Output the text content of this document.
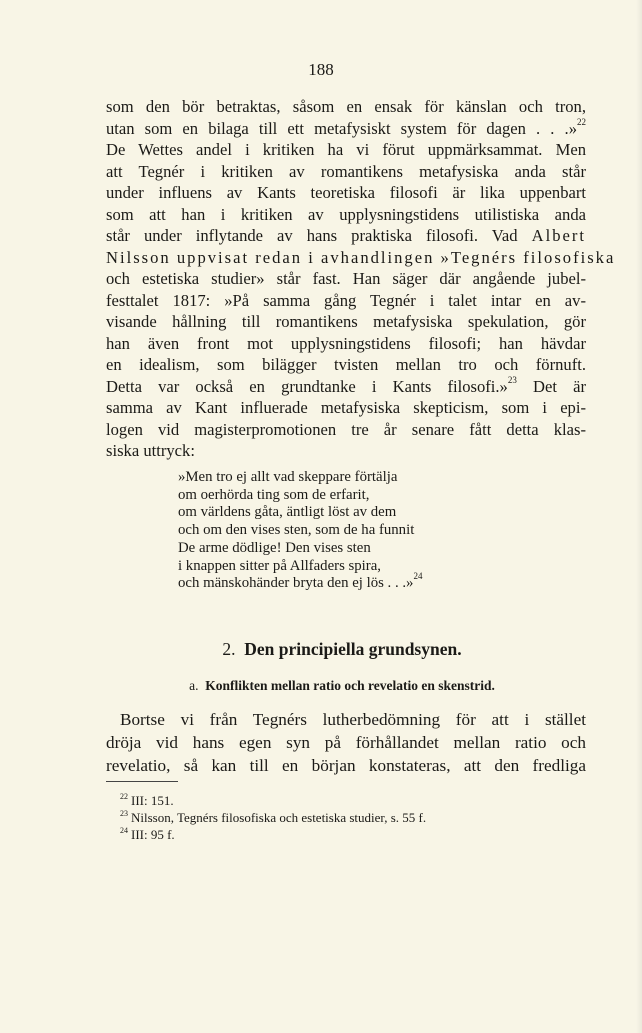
188
som den bör betraktas, såsom en ensak för känslan och tron,
utan som en bilaga till ett metafysiskt system för dagen . . .»$^{22}$
De Wettes andel i kritiken ha vi förut uppmärksammat. Men
att Tegnér i kritiken av romantikens metafysiska anda står
under influens av Kants teoretiska filosofi är lika uppenbart
som att han i kritiken av upplysningstidens utilistiska anda
står under inflytande av hans praktiska filosofi. Vad Albert
Nilsson uppvisat redan i avhandlingen »Tegnérs filosofiska
och estetiska studier» står fast. Han säger där angående jubel-
festtalet 1817: »På samma gång Tegnér i talet intar en av-
visande hållning till romantikens metafysiska spekulation, gör
han även front mot upplysningstidens filosofi; han hävdar
en idealism, som bilägger tvisten mellan tro och förnuft.
Detta var också en grundtanke i Kants filosofi.»$^{23}$ Det är
samma av Kant influerade metafysiska skepticism, som i epi-
logen vid magisterpromotionen tre år senare fått detta klas-
siska uttryck:
»Men tro ej allt vad skeppare förtälja
om oerhörda ting som de erfarit,
om världens gåta, äntligt löst av dem
och om den vises sten, som de ha funnit
De arme dödlige! Den vises sten
i knappen sitter på Allfaders spira,
och mänskohänder bryta den ej lös . . .»$^{24}$
2. Den principiella grundsynen.
a. Konflikten mellan ratio och revelatio en skenstrid.
Bortse vi från Tegnérs lutherbedömning för att i stället
dröja vid hans egen syn på förhållandet mellan ratio och
revelatio, så kan till en början konstateras, att den fredliga
$^{22}$ III: 151.
$^{23}$ Nilsson, Tegnérs filosofiska och estetiska studier, s. 55 f.
$^{24}$ III: 95 f.
